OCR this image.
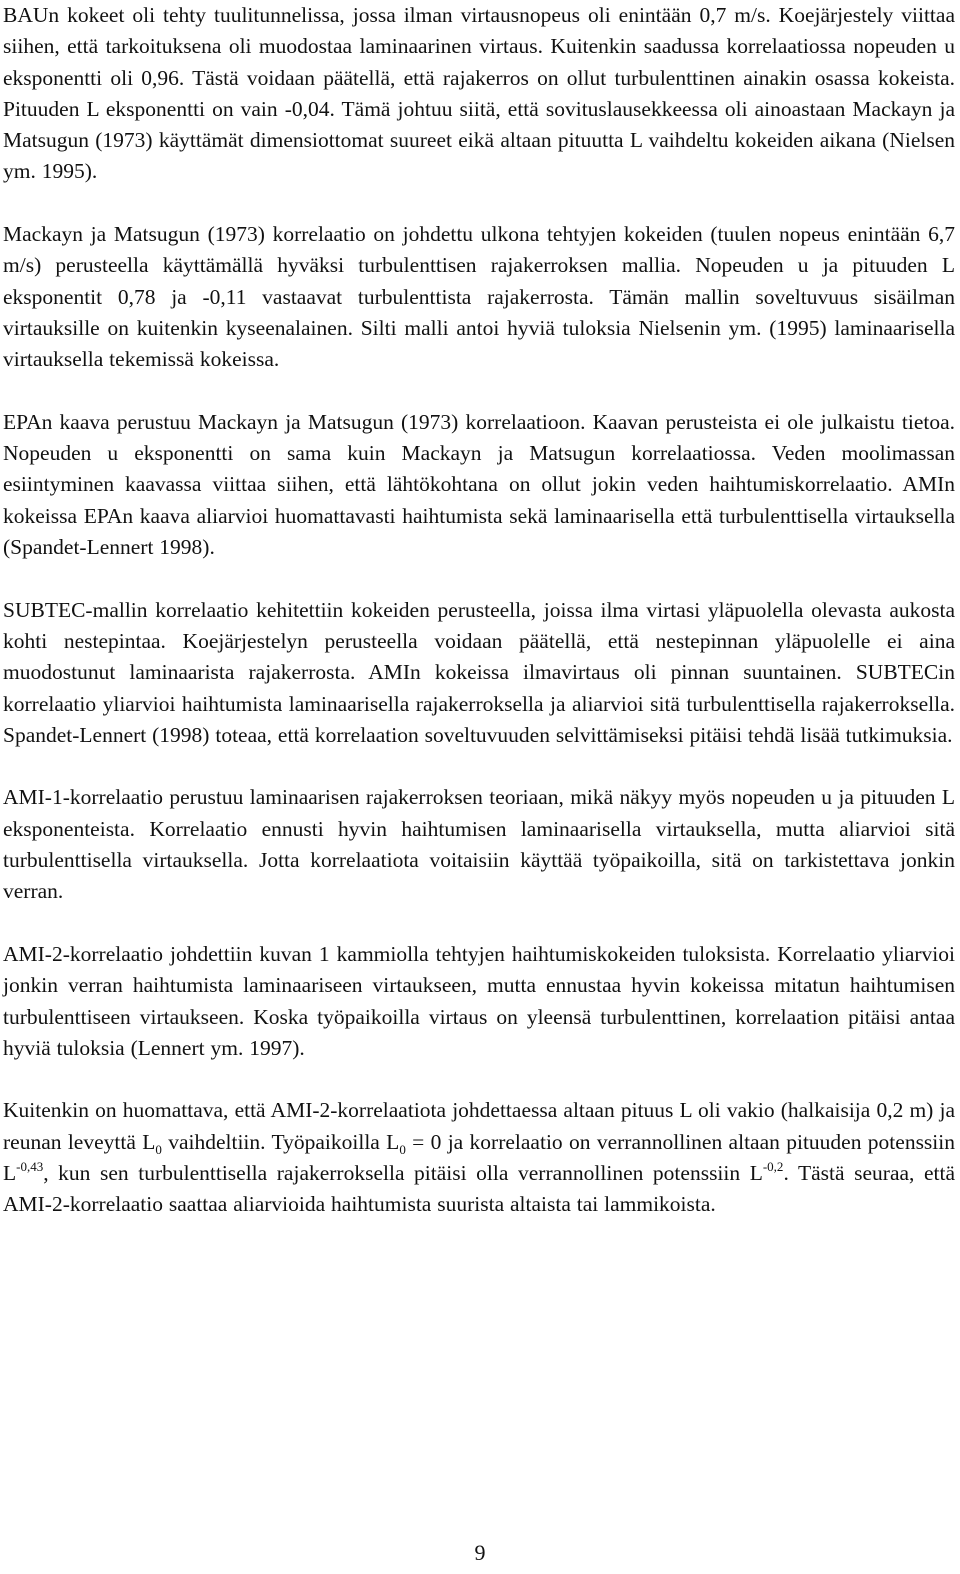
BAUn kokeet oli tehty tuulitunnelissa, jossa ilman virtausnopeus oli enintään 0,7 m/s. Koejärjestely viittaa siihen, että tarkoituksena oli muodostaa laminaarinen virtaus. Kuitenkin saadussa korrelaatiossa nopeuden u eksponentti oli 0,96. Tästä voidaan päätellä, että rajakerros on ollut turbulenttinen ainakin osassa kokeista. Pituuden L eksponentti on vain -0,04. Tämä johtuu siitä, että sovituslausekkeessa oli ainoastaan Mackayn ja Matsugun (1973) käyttämät dimensiottomat suureet eikä altaan pituutta L vaihdeltu kokeiden aikana (Nielsen ym. 1995).

Mackayn ja Matsugun (1973) korrelaatio on johdettu ulkona tehtyjen kokeiden (tuulen nopeus enintään 6,7 m/s) perusteella käyttämällä hyväksi turbulenttisen rajakerroksen mallia. Nopeuden u ja pituuden L eksponentit 0,78 ja -0,11 vastaavat turbulenttista rajakerrosta. Tämän mallin soveltuvuus sisäilman virtauksille on kuitenkin kyseenalainen. Silti malli antoi hyviä tuloksia Nielsenin ym. (1995) laminaarisella virtauksella tekemissä kokeissa.

EPAn kaava perustuu Mackayn ja Matsugun (1973) korrelaatioon. Kaavan perusteista ei ole julkaistu tietoa. Nopeuden u eksponentti on sama kuin Mackayn ja Matsugun korrelaatiossa. Veden moolimassan esiintyminen kaavassa viittaa siihen, että lähtökohtana on ollut jokin veden haihtumiskorrelaatio. AMIn kokeissa EPAn kaava aliarvioi huomattavasti haihtumista sekä laminaarisella että turbulenttisella virtauksella (Spandet-Lennert 1998).

SUBTEC-mallin korrelaatio kehitettiin kokeiden perusteella, joissa ilma virtasi yläpuolella olevasta aukosta kohti nestepintaa. Koejärjestelyn perusteella voidaan päätellä, että nestepinnan yläpuolelle ei aina muodostunut laminaarista rajakerrosta. AMIn kokeissa ilmavirtaus oli pinnan suuntainen. SUBTECin korrelaatio yliarvioi haihtumista laminaarisella rajakerroksella ja aliarvioi sitä turbulenttisella rajakerroksella. Spandet-Lennert (1998) toteaa, että korrelaation soveltuvuuden selvittämiseksi pitäisi tehdä lisää tutkimuksia.

AMI-1-korrelaatio perustuu laminaarisen rajakerroksen teoriaan, mikä näkyy myös nopeuden u ja pituuden L eksponenteista. Korrelaatio ennusti hyvin haihtumisen laminaarisella virtauksella, mutta aliarvioi sitä turbulenttisella virtauksella. Jotta korrelaatiota voitaisiin käyttää työpaikoilla, sitä on tarkistettava jonkin verran.

AMI-2-korrelaatio johdettiin kuvan 1 kammiolla tehtyjen haihtumiskokeiden tuloksista. Korrelaatio yliarvioi jonkin verran haihtumista laminaariseen virtaukseen, mutta ennustaa hyvin kokeissa mitatun haihtumisen turbulenttiseen virtaukseen. Koska työpaikoilla virtaus on yleensä turbulenttinen, korrelaation pitäisi antaa hyviä tuloksia (Lennert ym. 1997).

Kuitenkin on huomattava, että AMI-2-korrelaatiota johdettaessa altaan pituus L oli vakio (halkaisija 0,2 m) ja reunan leveyttä $L_0$ vaihdeltiin. Työpaikoilla $L_0 = 0$ ja korrelaatio on verrannollinen altaan pituuden potenssiin $L^{-0,43}$, kun sen turbulenttisella rajakerroksella pitäisi olla verrannollinen potenssiin $L^{-0,2}$. Tästä seuraa, että AMI-2-korrelaatio saattaa aliarvioida haihtumista suurista altaista tai lammikoista.

9
